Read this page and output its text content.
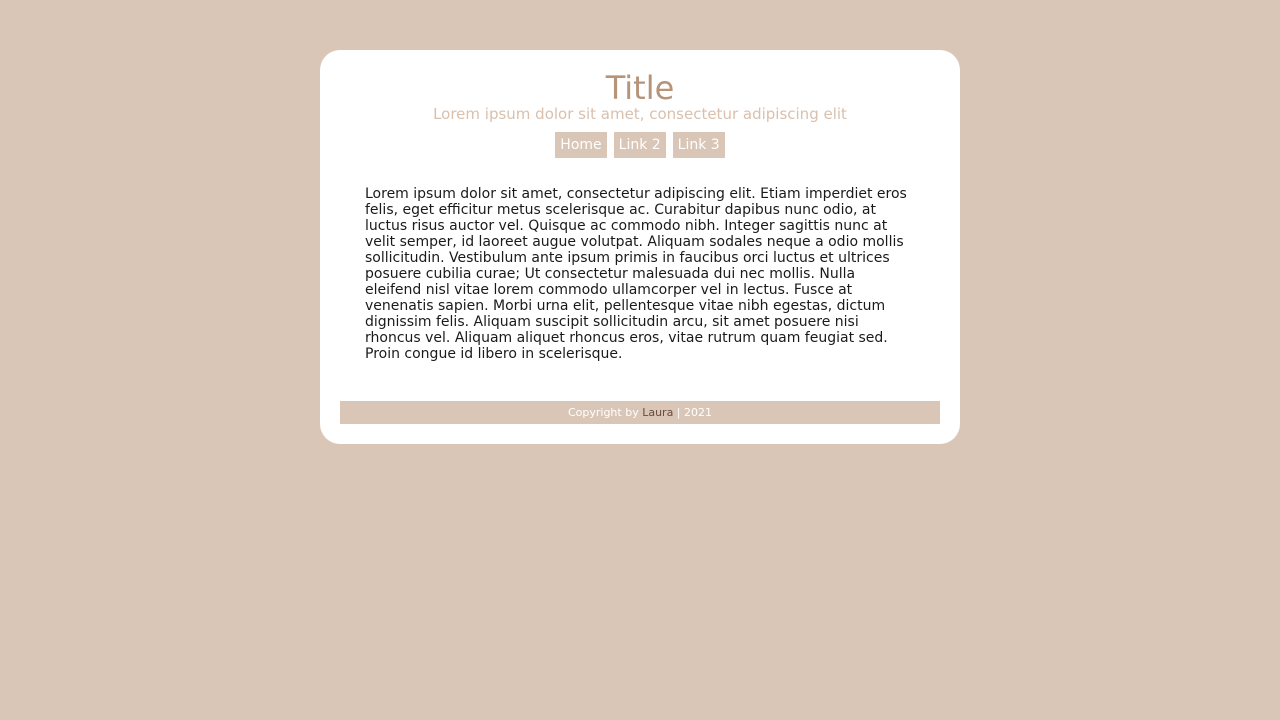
Title

Lorem ipsum dolor sit amet, consectetur adipiscing elit

Home Link 2 Link 3

Lorem ipsum dolor sit amet, consectetur adipiscing elit. Etiam imperdiet eros felis, eget efficitur metus scelerisque ac. Curabitur dapibus nunc odio, at luctus risus auctor vel. Quisque ac commodo nibh. Integer sagittis nunc at velit semper, id laoreet augue volutpat. Aliquam sodales neque a odio mollis sollicitudin. Vestibulum ante ipsum primis in faucibus orci luctus et ultrices posuere cubilia curae; Ut consectetur malesuada dui nec mollis. Nulla eleifend nisl vitae lorem commodo ullamcorper vel in lectus. Fusce at venenatis sapien. Morbi urna elit, pellentesque vitae nibh egestas, dictum dignissim felis. Aliquam suscipit sollicitudin arcu, sit amet posuere nisi rhoncus vel. Aliquam aliquet rhoncus eros, vitae rutrum quam feugiat sed. Proin congue id libero in scelerisque.

Copyright by Laura | 2021
